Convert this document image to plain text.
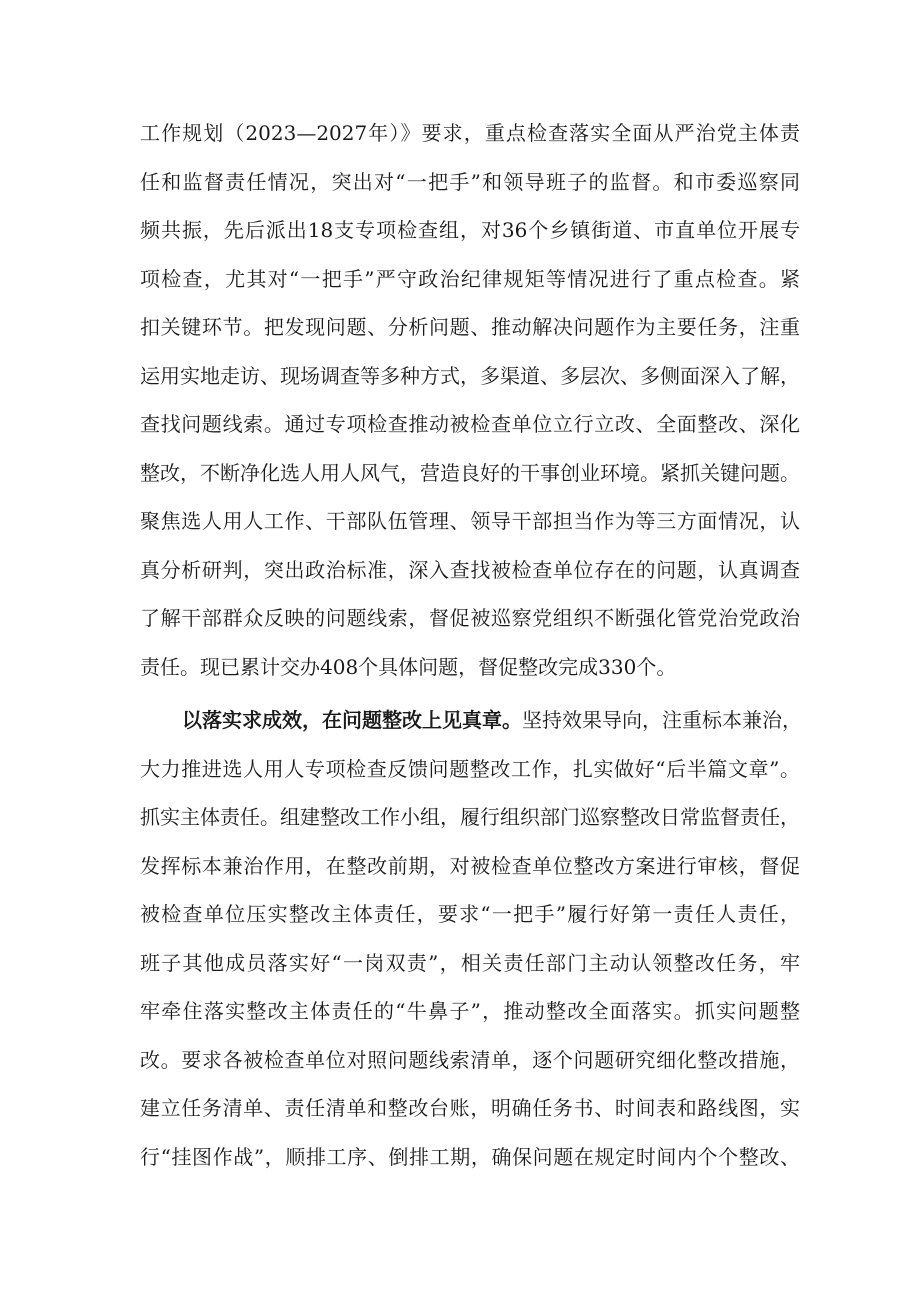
工作规划（2023—2027年）》要求，重点检查落实全面从严治党主体责
任和监督责任情况，突出对“一把手”和领导班子的监督。和市委巡察同
频共振，先后派出18支专项检查组，对36个乡镇街道、市直单位开展专
项检查，尤其对“一把手”严守政治纪律规矩等情况进行了重点检查。紧
扣关键环节。把发现问题、分析问题、推动解决问题作为主要任务，注重
运用实地走访、现场调查等多种方式，多渠道、多层次、多侧面深入了解，
查找问题线索。通过专项检查推动被检查单位立行立改、全面整改、深化
整改，不断净化选人用人风气，营造良好的干事创业环境。紧抓关键问题。
聚焦选人用人工作、干部队伍管理、领导干部担当作为等三方面情况，认
真分析研判，突出政治标准，深入查找被检查单位存在的问题，认真调查
了解干部群众反映的问题线索，督促被巡察党组织不断强化管党治党政治
责任。现已累计交办408个具体问题，督促整改完成330个。
以落实求成效，在问题整改上见真章。坚持效果导向，注重标本兼治，
大力推进选人用人专项检查反馈问题整改工作，扎实做好“后半篇文章”。
抓实主体责任。组建整改工作小组，履行组织部门巡察整改日常监督责任，
发挥标本兼治作用，在整改前期，对被检查单位整改方案进行审核，督促
被检查单位压实整改主体责任，要求“一把手”履行好第一责任人责任，
班子其他成员落实好“一岗双责”，相关责任部门主动认领整改任务，牢
牢牵住落实整改主体责任的“牛鼻子”，推动整改全面落实。抓实问题整
改。要求各被检查单位对照问题线索清单，逐个问题研究细化整改措施，
建立任务清单、责任清单和整改台账，明确任务书、时间表和路线图，实
行“挂图作战”，顺排工序、倒排工期，确保问题在规定时间内个个整改、
